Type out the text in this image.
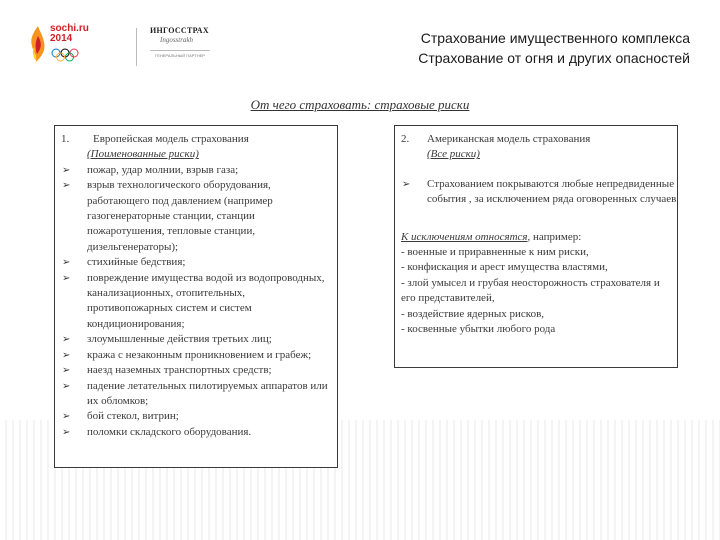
sochi.ru
2014
ИНГОССТРАХ
Ingosstrakh
ГЕНЕРАЛЬНЫЙ ПАРТНЕР
Страхование имущественного комплекса
Страхование от огня и других опасностей
От чего страховать: страховые риски
1. Европейская модель страхования
(Поименованные риски)
➢ пожар, удар молнии, взрыв газа;
➢ взрыв технологического оборудования, работающего под давлением (например газогенераторные станции, станции пожаротушения, тепловые станции, дизельгенераторы);
➢ стихийные бедствия;
➢ повреждение имущества водой из водопроводных, канализационных, отопительных, противопожарных систем и систем кондиционирования;
➢ злоумышленные действия третьих лиц;
➢ кража с незаконным проникновением и грабеж;
➢ наезд наземных транспортных средств;
➢ падение летательных пилотируемых аппаратов или их обломков;
➢ бой стекол, витрин;
➢ поломки складского оборудования.
2. Американская модель страхования
(Все риски)
➢ Страхованием покрываются любые непредвиденные события , за исключением ряда оговоренных случаев
К исключениям относятся, например:
- военные и приравненные к ним риски,
- конфискация и арест имущества властями,
- злой умысел и грубая неосторожность страхователя и его представителей,
- воздействие ядерных рисков,
- косвенные убытки любого рода
